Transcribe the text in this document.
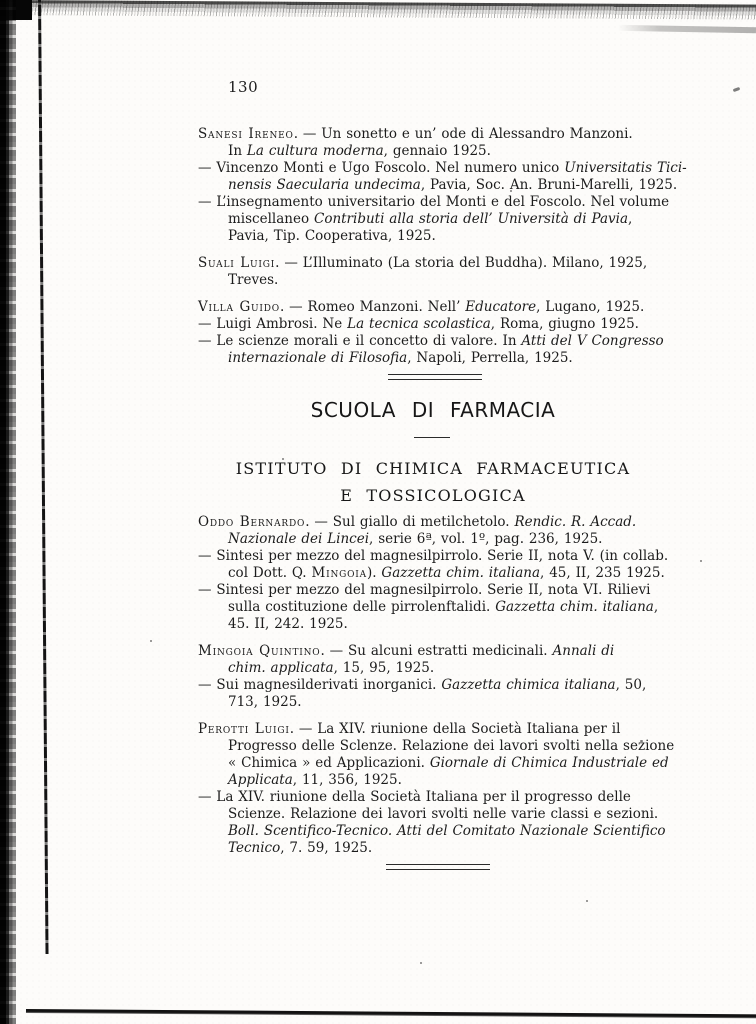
130
Sanesi Ireneo. — Un sonetto e un’ ode di Alessandro Manzoni.
In La cultura moderna, gennaio 1925.
— Vincenzo Monti e Ugo Foscolo. Nel numero unico Universitatis Tici-
nensis Saecularia undecima, Pavia, Soc. An. Bruni-Marelli, 1925.
— L’insegnamento universitario del Monti e del Foscolo. Nel volume
miscellaneo Contributi alla storia dell’ Università di Pavia,
Pavia, Tip. Cooperativa, 1925.
Suali Luigi. — L’Illuminato (La storia del Buddha). Milano, 1925,
Treves.
Villa Guido. — Romeo Manzoni. Nell’ Educatore, Lugano, 1925.
— Luigi Ambrosi. Ne La tecnica scolastica, Roma, giugno 1925.
— Le scienze morali e il concetto di valore. In Atti del V Congresso
internazionale di Filosofia, Napoli, Perrella, 1925.
SCUOLA DI FARMACIA
ISTITUTO DI CHIMICA FARMACEUTICA
E TOSSICOLOGICA
Oddo Bernardo. — Sul giallo di metilchetolo. Rendic. R. Accad.
Nazionale dei Lincei, serie 6ª, vol. 1º, pag. 236, 1925.
— Sintesi per mezzo del magnesilpirrolo. Serie II, nota V. (in collab.
col Dott. Q. Mingoia). Gazzetta chim. italiana, 45, II, 235 1925.
— Sintesi per mezzo del magnesilpirrolo. Serie II, nota VI. Rilievi
sulla costituzione delle pirrolenftalidi. Gazzetta chim. italiana,
45. II, 242. 1925.
Mingoia Quintino. — Su alcuni estratti medicinali. Annali di
chim. applicata, 15, 95, 1925.
— Sui magnesilderivati inorganici. Gazzetta chimica italiana, 50,
713, 1925.
Perotti Luigi. — La XIV. riunione della Società Italiana per il
Progresso delle Sclenze. Relazione dei lavori svolti nella sezione
« Chimica » ed Applicazioni. Giornale di Chimica Industriale ed
Applicata, 11, 356, 1925.
— La XIV. riunione della Società Italiana per il progresso delle
Scienze. Relazione dei lavori svolti nelle varie classi e sezioni.
Boll. Scentifico-Tecnico. Atti del Comitato Nazionale Scientifico
Tecnico, 7. 59, 1925.
